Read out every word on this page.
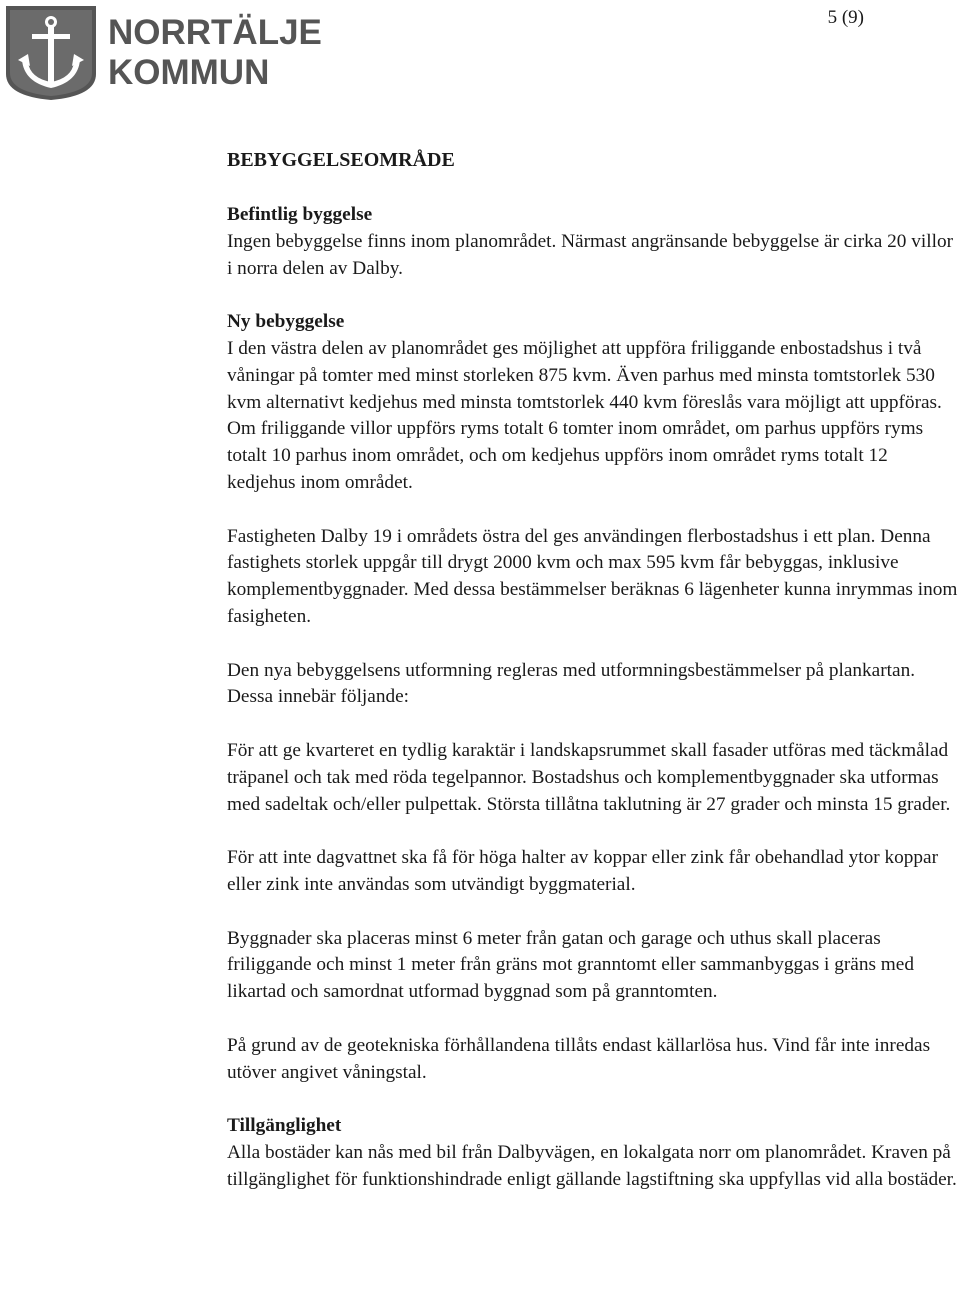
NORRTÄLJE
KOMMUN
5 (9)
BEBYGGELSEOMRÅDE
Befintlig byggelse

Ingen bebyggelse finns inom planområdet. Närmast angränsande bebyggelse är cirka 20 villor i norra delen av Dalby.

Ny bebyggelse

I den västra delen av planområdet ges möjlighet att uppföra friliggande enbostadshus i två våningar på tomter med minst storleken 875 kvm. Även parhus med minsta tomtstorlek 530 kvm alternativt kedjehus med minsta tomtstorlek 440 kvm föreslås vara möjligt att uppföras. Om friliggande villor uppförs ryms totalt 6 tomter inom området, om parhus uppförs ryms totalt 10 parhus inom området, och om kedjehus uppförs inom området ryms totalt 12 kedjehus inom området.

Fastigheten Dalby 19 i områdets östra del ges användingen flerbostadshus i ett plan. Denna fastighets storlek uppgår till drygt 2000 kvm och max 595 kvm får bebyggas, inklusive komplementbyggnader. Med dessa bestämmelser beräknas 6 lägenheter kunna inrymmas inom fasigheten.

Den nya bebyggelsens utformning regleras med utformningsbestämmelser på plankartan. Dessa innebär följande:

För att ge kvarteret en tydlig karaktär i landskapsrummet skall fasader utföras med täckmålad träpanel och tak med röda tegelpannor. Bostadshus och komplementbyggnader ska utformas med sadeltak och/eller pulpettak. Största tillåtna taklutning är 27 grader och minsta 15 grader.

För att inte dagvattnet ska få för höga halter av koppar eller zink får obehandlad ytor koppar eller zink inte användas som utvändigt byggmaterial.

Byggnader ska placeras minst 6 meter från gatan och garage och uthus skall placeras friliggande och minst 1 meter från gräns mot granntomt eller sammanbyggas i gräns med likartad och samordnat utformad byggnad som på granntomten.

På grund av de geotekniska förhållandena tillåts endast källarlösa hus. Vind får inte inredas utöver angivet våningstal.

Tillgänglighet

Alla bostäder kan nås med bil från Dalbyvägen, en lokalgata norr om planområdet. Kraven på tillgänglighet för funktionshindrade enligt gällande lagstiftning ska uppfyllas vid alla bostäder.
